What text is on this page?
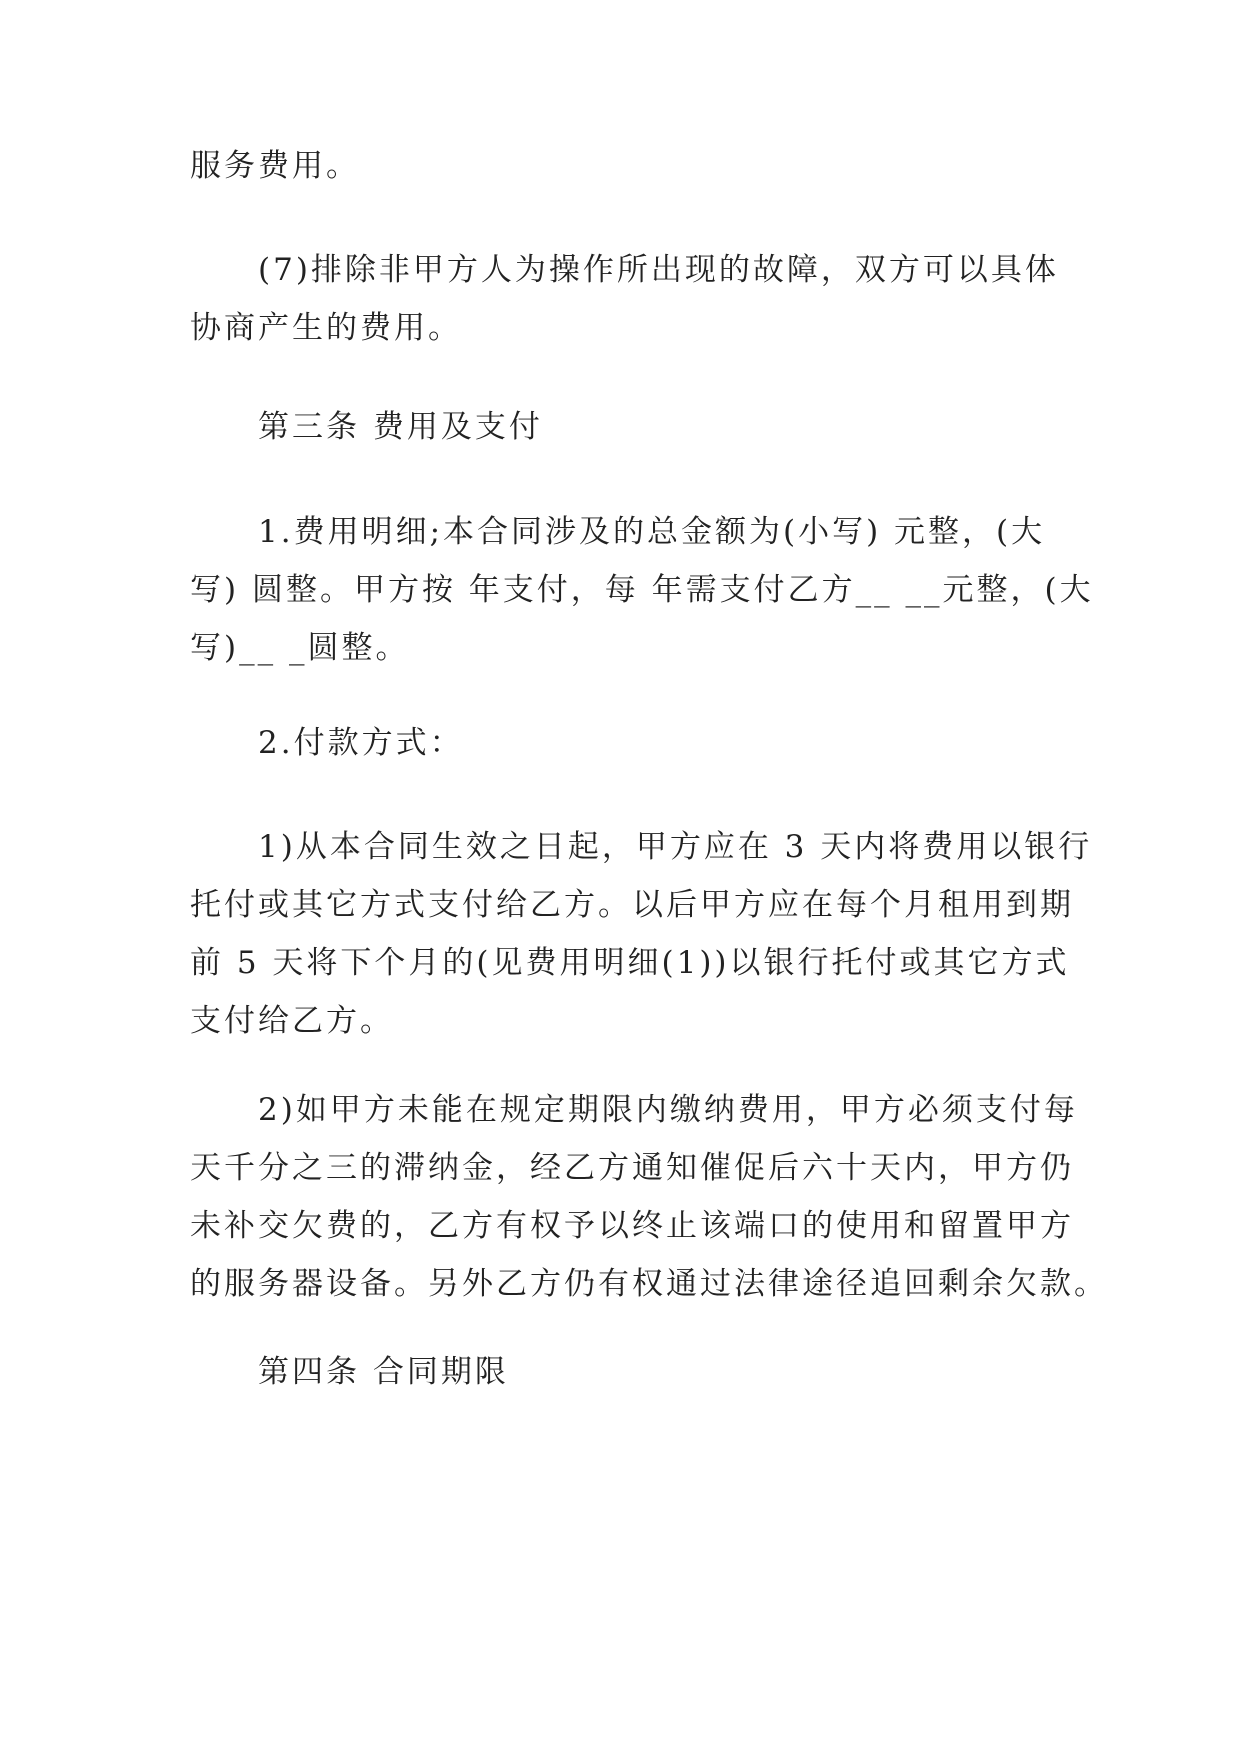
服务费用。
　　(7)排除非甲方人为操作所出现的故障，双方可以具体
协商产生的费用。
　　第三条 费用及支付
　　1.费用明细;本合同涉及的总金额为(小写) 元整，(大
写) 圆整。甲方按 年支付，每 年需支付乙方__ __元整，(大
写)__ _圆整。
　　2.付款方式：
　　1)从本合同生效之日起，甲方应在 3 天内将费用以银行
托付或其它方式支付给乙方。以后甲方应在每个月租用到期
前 5 天将下个月的(见费用明细(1))以银行托付或其它方式
支付给乙方。
　　2)如甲方未能在规定期限内缴纳费用，甲方必须支付每
天千分之三的滞纳金，经乙方通知催促后六十天内，甲方仍
未补交欠费的，乙方有权予以终止该端口的使用和留置甲方
的服务器设备。另外乙方仍有权通过法律途径追回剩余欠款。
　　第四条 合同期限
